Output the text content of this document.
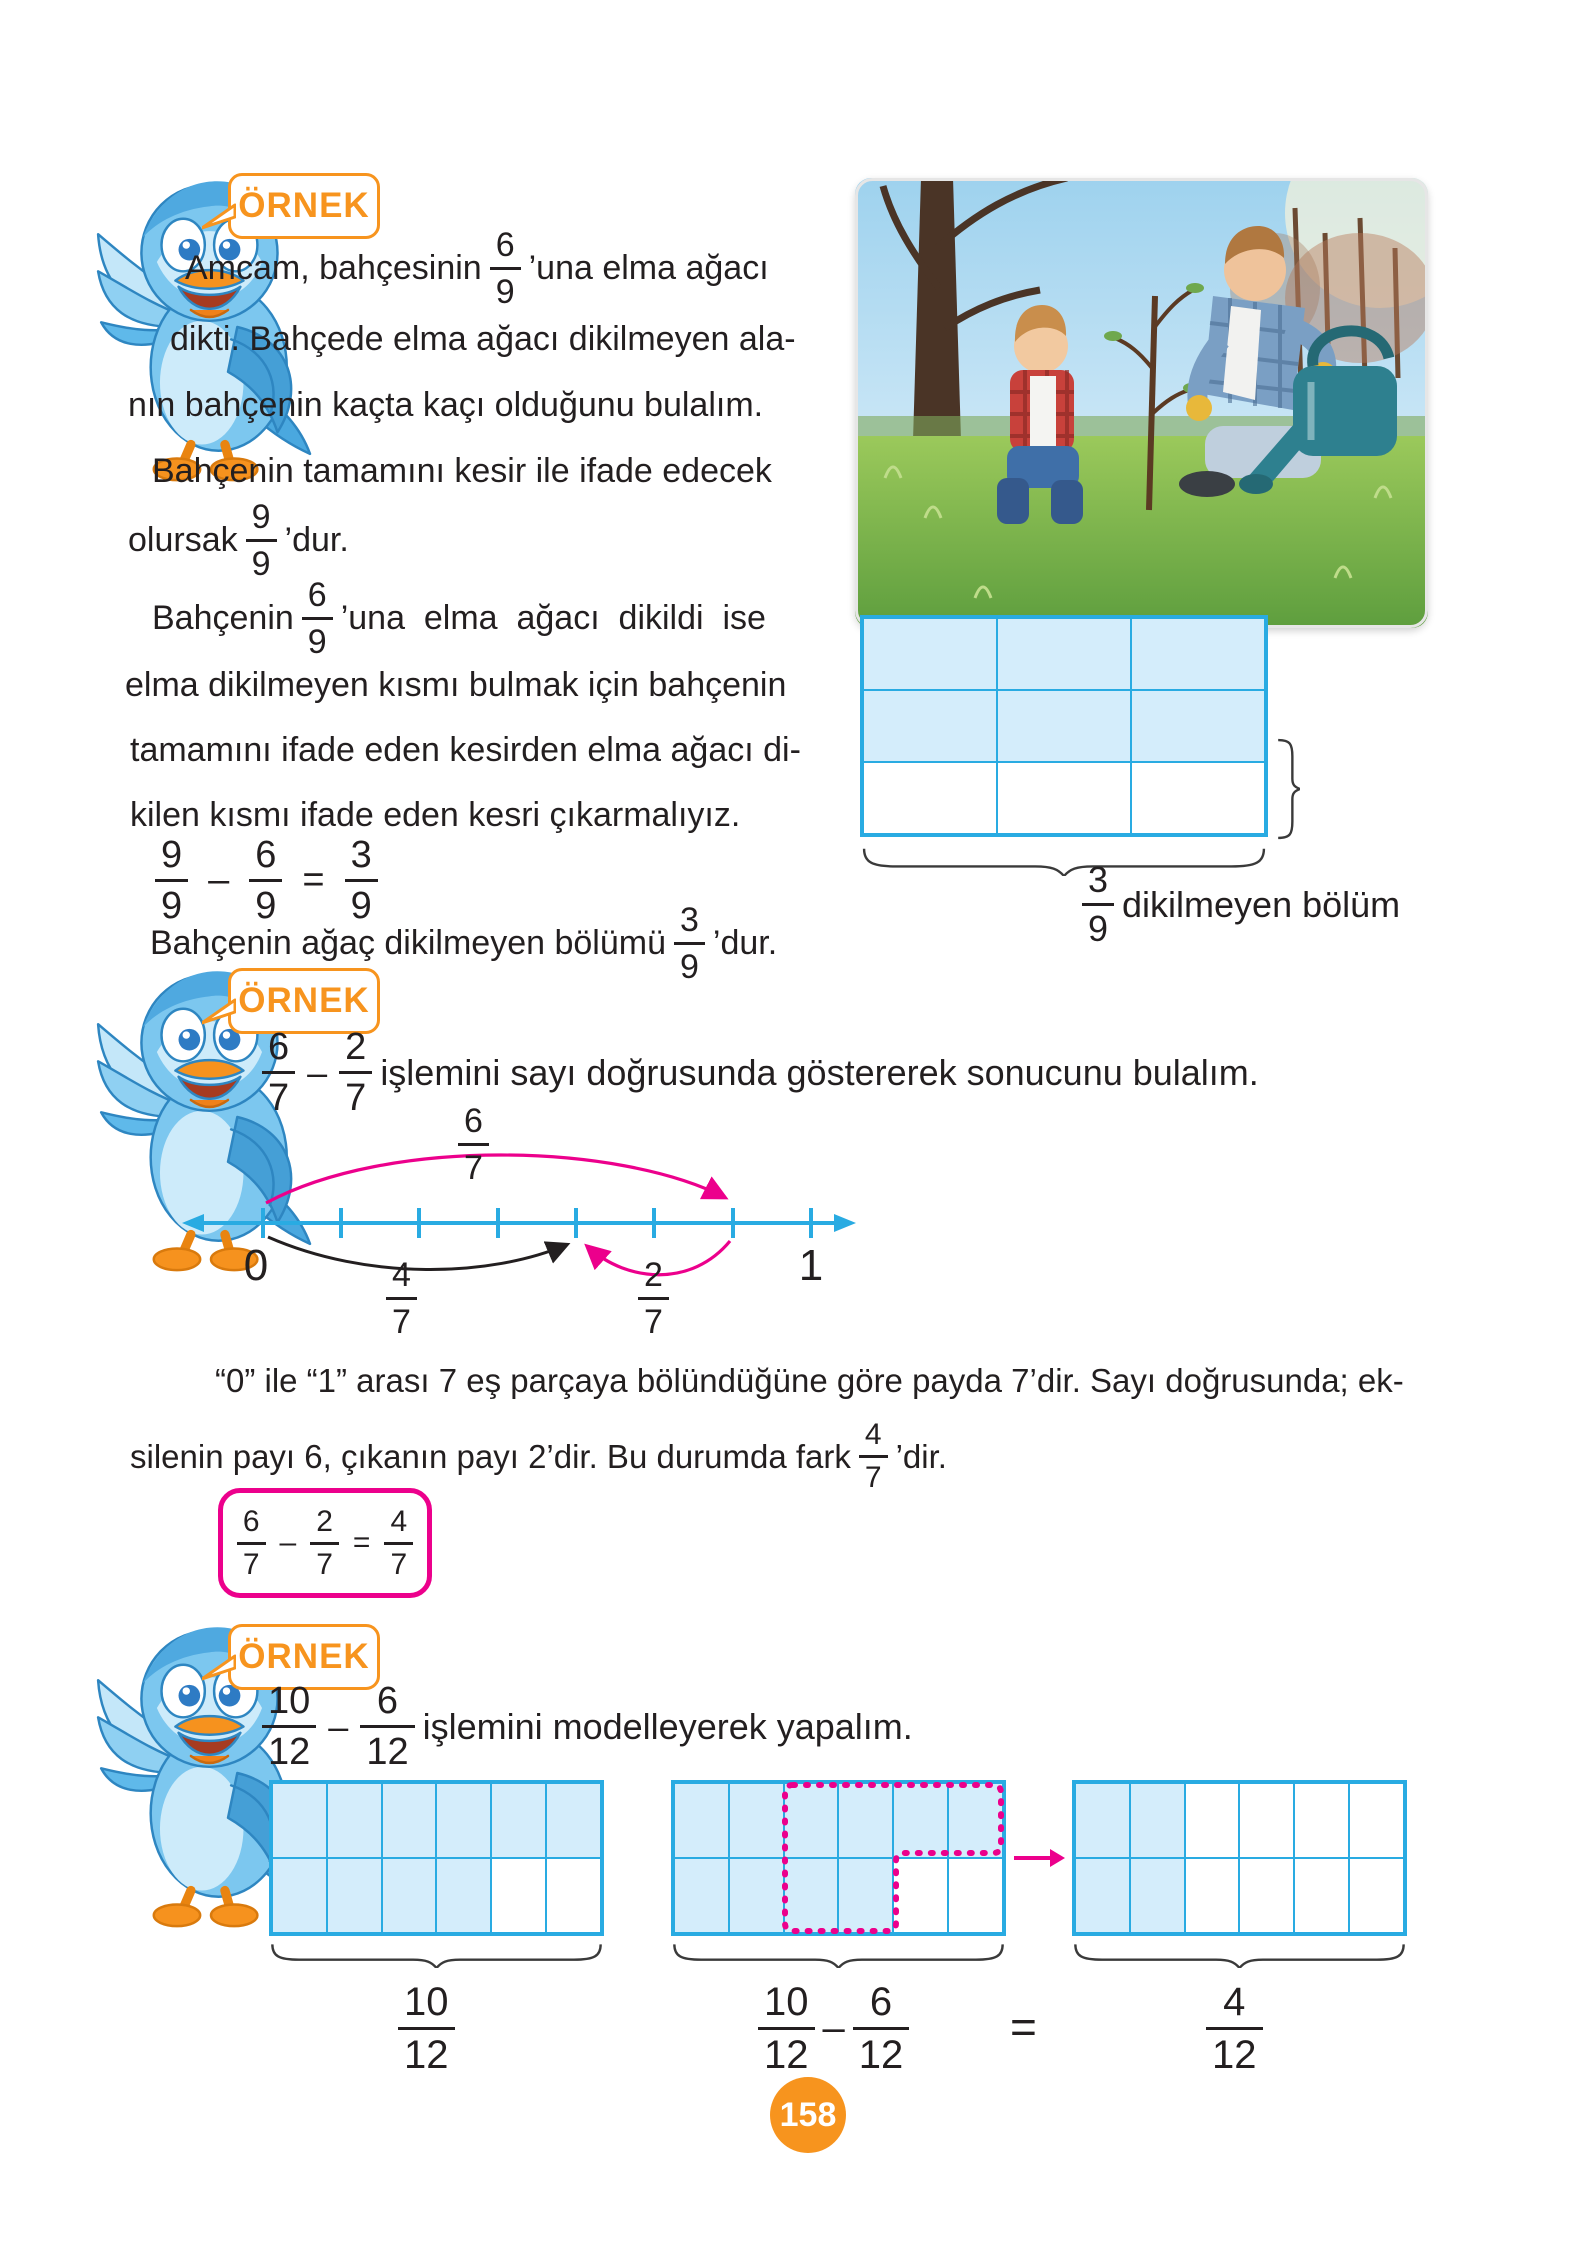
ÖRNEK
Amcam, bahçesinin $\frac{6}{9}$ ’una elma ağacı
dikti. Bahçede elma ağacı dikilmeyen ala-
nın bahçenin kaçta kaçı olduğunu bulalım.
Bahçenin tamamını kesir ile ifade edecek
olursak $\frac{9}{9}$ ’dur.
Bahçenin $\frac{6}{9}$ ’una  elma  ağacı  dikildi  ise
elma dikilmeyen kısmı bulmak için bahçenin
tamamını ifade eden kesirden elma ağacı di-
kilen kısmı ifade eden kesri çıkarmalıyız.
$\frac{9}{9} - \frac{6}{9} = \frac{3}{9}$
Bahçenin ağaç dikilmeyen bölümü $\frac{3}{9}$ ’dur.	$\frac{3}{9}$ dikilmeyen bölüm
ÖRNEK
$\frac{6}{7} - \frac{2}{7}$ işlemini sayı doğrusunda göstererek sonucunu bulalım.
0	1
$\frac{6}{7}$
$\frac{4}{7}$	$\frac{2}{7}$
“0” ile “1” arası 7 eş parçaya bölündüğüne göre payda 7’dir. Sayı doğrusunda; ek-
silenin payı 6, çıkanın payı 2’dir. Bu durumda fark $\frac{4}{7}$ ’dir.
$\frac{6}{7} - \frac{2}{7} = \frac{4}{7}$
ÖRNEK
$\frac{10}{12} - \frac{6}{12}$ işlemini modelleyerek yapalım.
$\frac{10}{12}$	$\frac{10}{12} - \frac{6}{12}$ =	$\frac{4}{12}$
158
